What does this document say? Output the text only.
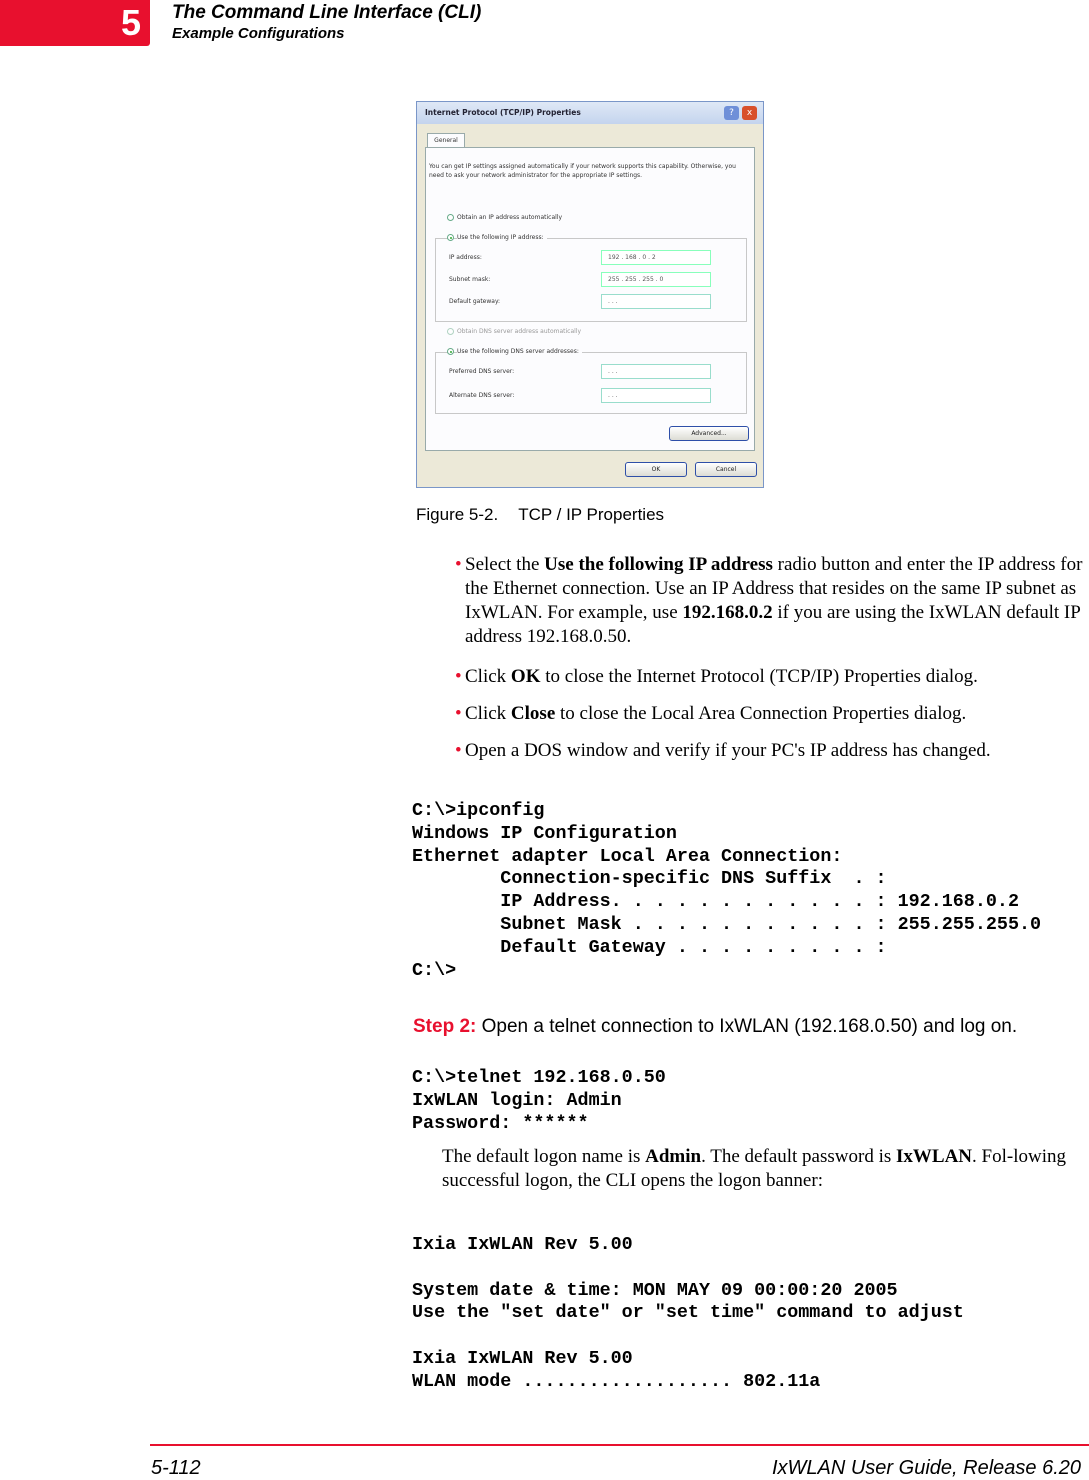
5	The Command Line Interface (CLI)
Example Configurations
Internet Protocol (TCP/IP) Properties	?	x
General
You can get IP settings assigned automatically if your network supports this capability. Otherwise, you need to ask your network administrator for the appropriate IP settings.
Obtain an IP address automatically
Use the following IP address:
IP address:	192 . 168 . 0 . 2
Subnet mask:	255 . 255 . 255 . 0
Default gateway:	. . .
Obtain DNS server address automatically
Use the following DNS server addresses:
Preferred DNS server:	. . .
Alternate DNS server:	. . .
Advanced...
OK	Cancel
Figure 5-2. TCP / IP Properties
• Select the Use the following IP address radio button and enter the IP address for the Ethernet connection. Use an IP Address that resides on the same IP subnet as IxWLAN. For example, use 192.168.0.2 if you are using the IxWLAN default IP address 192.168.0.50.
• Click OK to close the Internet Protocol (TCP/IP) Properties dialog.
• Click Close to close the Local Area Connection Properties dialog.
• Open a DOS window and verify if your PC's IP address has changed.
C:\>ipconfig
Windows IP Configuration
Ethernet adapter Local Area Connection:
Connection-specific DNS Suffix  . :
IP Address. . . . . . . . . . . . : 192.168.0.2
Subnet Mask . . . . . . . . . . . : 255.255.255.0
Default Gateway . . . . . . . . . :
C:\>
Step 2: Open a telnet connection to IxWLAN (192.168.0.50) and log on.
C:\>telnet 192.168.0.50
IxWLAN login: Admin
Password: ******
The default logon name is Admin. The default password is IxWLAN. Fol-lowing successful logon, the CLI opens the logon banner:
Ixia IxWLAN Rev 5.00

System date & time: MON MAY 09 00:00:20 2005
Use the "set date" or "set time" command to adjust

Ixia IxWLAN Rev 5.00
WLAN mode ................... 802.11a
5-112	IxWLAN User Guide, Release 6.20
